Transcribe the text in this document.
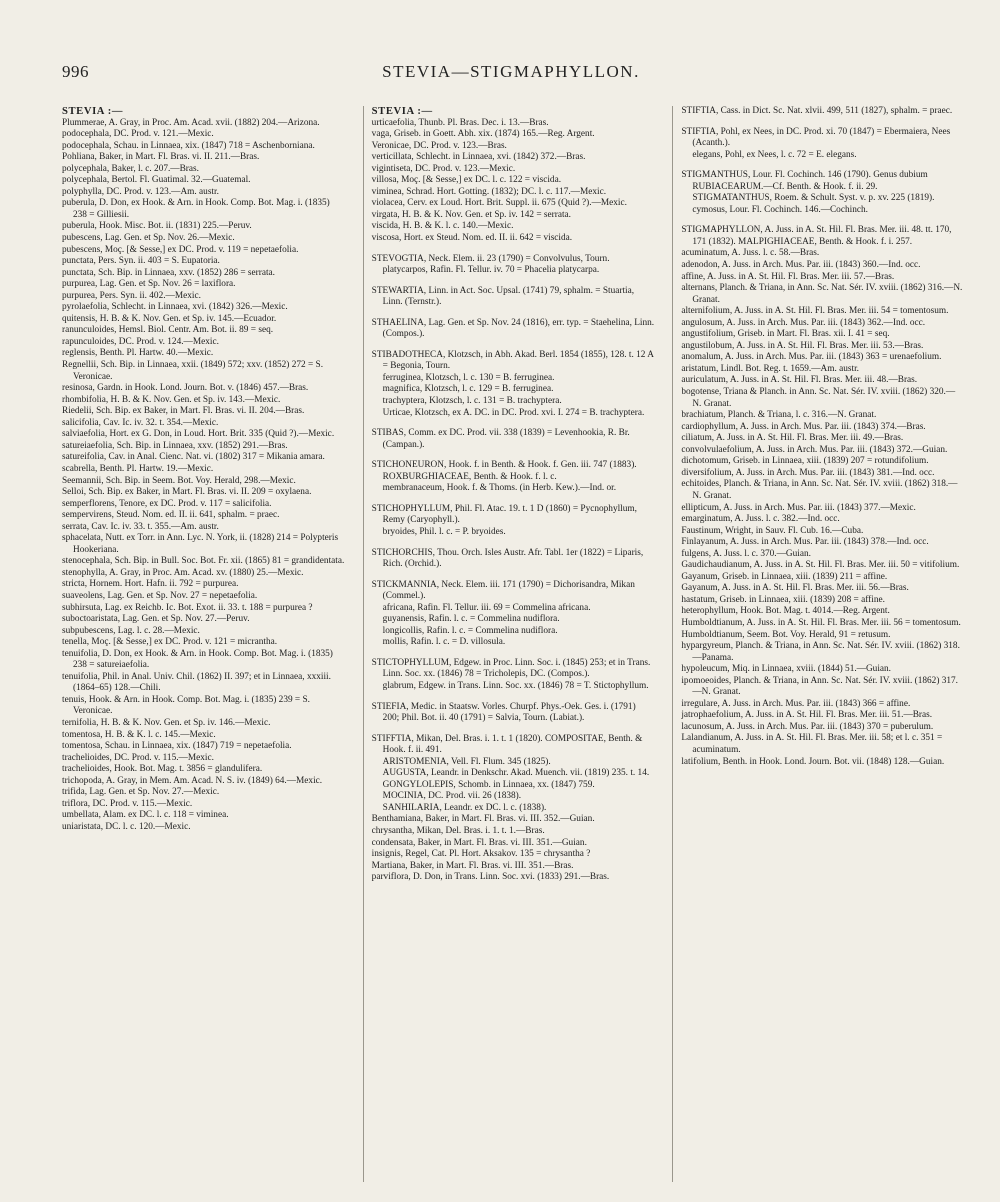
996	STEVIA—STIGMAPHYLLON.
STEVIA :—
Plummerae, A. Gray, in Proc. Am. Acad. xvii. (1882) 204.—Arizona.
podocephala, DC. Prod. v. 121.—Mexic.
podocephala, Schau. in Linnaea, xix. (1847) 718 = Aschenborniana.
Pohliana, Baker, in Mart. Fl. Bras. vi. II. 211.—Bras.
polycephala, Baker, l. c. 207.—Bras.
polycephala, Bertol. Fl. Guatimal. 32.—Guatemal.
polyphylla, DC. Prod. v. 123.—Am. austr.
puberula, D. Don, ex Hook. & Arn. in Hook. Comp. Bot. Mag. i. (1835) 238 = Gilliesii.
puberula, Hook. Misc. Bot. ii. (1831) 225.—Peruv.
pubescens, Lag. Gen. et Sp. Nov. 26.—Mexic.
pubescens, Moç. [& Sesse,] ex DC. Prod. v. 119 = nepetaefolia.
punctata, Pers. Syn. ii. 403 = S. Eupatoria.
punctata, Sch. Bip. in Linnaea, xxv. (1852) 286 = serrata.
purpurea, Lag. Gen. et Sp. Nov. 26 = laxiflora.
purpurea, Pers. Syn. ii. 402.—Mexic.
pyrolaefolia, Schlecht. in Linnaea, xvi. (1842) 326.—Mexic.
quitensis, H. B. & K. Nov. Gen. et Sp. iv. 145.—Ecuador.
ranunculoides, Hemsl. Biol. Centr. Am. Bot. ii. 89 = seq.
rapunculoides, DC. Prod. v. 124.—Mexic.
reglensis, Benth. Pl. Hartw. 40.—Mexic.
Regnellii, Sch. Bip. in Linnaea, xxii. (1849) 572; xxv. (1852) 272 = S. Veronicae.
resinosa, Gardn. in Hook. Lond. Journ. Bot. v. (1846) 457.—Bras.
rhombifolia, H. B. & K. Nov. Gen. et Sp. iv. 143.—Mexic.
Riedelii, Sch. Bip. ex Baker, in Mart. Fl. Bras. vi. II. 204.—Bras.
salicifolia, Cav. Ic. iv. 32. t. 354.—Mexic.
salviaefolia, Hort. ex G. Don, in Loud. Hort. Brit. 335 (Quid ?).—Mexic.
satureiaefolia, Sch. Bip. in Linnaea, xxv. (1852) 291.—Bras.
satureifolia, Cav. in Anal. Cienc. Nat. vi. (1802) 317 = Mikania amara.
scabrella, Benth. Pl. Hartw. 19.—Mexic.
Seemannii, Sch. Bip. in Seem. Bot. Voy. Herald, 298.—Mexic.
Selloi, Sch. Bip. ex Baker, in Mart. Fl. Bras. vi. II. 209 = oxylaena.
semperflorens, Tenore, ex DC. Prod. v. 117 = salicifolia.
sempervirens, Steud. Nom. ed. II. ii. 641, sphalm. = praec.
serrata, Cav. Ic. iv. 33. t. 355.—Am. austr.
sphacelata, Nutt. ex Torr. in Ann. Lyc. N. York, ii. (1828) 214 = Polypteris Hookeriana.
stenocephala, Sch. Bip. in Bull. Soc. Bot. Fr. xii. (1865) 81 = grandidentata.
stenophylla, A. Gray, in Proc. Am. Acad. xv. (1880) 25.—Mexic.
stricta, Hornem. Hort. Hafn. ii. 792 = purpurea.
suaveolens, Lag. Gen. et Sp. Nov. 27 = nepetaefolia.
subhirsuta, Lag. ex Reichb. Ic. Bot. Exot. ii. 33. t. 188 = purpurea ?
suboctoaristata, Lag. Gen. et Sp. Nov. 27.—Peruv.
subpubescens, Lag. l. c. 28.—Mexic.
tenella, Moç. [& Sesse,] ex DC. Prod. v. 121 = micrantha.
tenuifolia, D. Don, ex Hook. & Arn. in Hook. Comp. Bot. Mag. i. (1835) 238 = satureiaefolia.
tenuifolia, Phil. in Anal. Univ. Chil. (1862) II. 397; et in Linnaea, xxxiii. (1864–65) 128.—Chili.
tenuis, Hook. & Arn. in Hook. Comp. Bot. Mag. i. (1835) 239 = S. Veronicae.
ternifolia, H. B. & K. Nov. Gen. et Sp. iv. 146.—Mexic.
tomentosa, H. B. & K. l. c. 145.—Mexic.
tomentosa, Schau. in Linnaea, xix. (1847) 719 = nepetaefolia.
trachelioides, DC. Prod. v. 115.—Mexic.
trachelioides, Hook. Bot. Mag. t. 3856 = glandulifera.
trichopoda, A. Gray, in Mem. Am. Acad. N. S. iv. (1849) 64.—Mexic.
trifida, Lag. Gen. et Sp. Nov. 27.—Mexic.
triflora, DC. Prod. v. 115.—Mexic.
umbellata, Alam. ex DC. l. c. 118 = viminea.
uniaristata, DC. l. c. 120.—Mexic.
STEVIA :—
urticaefolia, Thunb. Pl. Bras. Dec. i. 13.—Bras.
vaga, Griseb. in Goett. Abh. xix. (1874) 165.—Reg. Argent.
Veronicae, DC. Prod. v. 123.—Bras.
verticillata, Schlecht. in Linnaea, xvi. (1842) 372.—Bras.
vigintiseta, DC. Prod. v. 123.—Mexic.
villosa, Moç. [& Sesse,] ex DC. l. c. 122 = viscida.
viminea, Schrad. Hort. Gotting. (1832); DC. l. c. 117.—Mexic.
violacea, Cerv. ex Loud. Hort. Brit. Suppl. ii. 675 (Quid ?).—Mexic.
virgata, H. B. & K. Nov. Gen. et Sp. iv. 142 = serrata.
viscida, H. B. & K. l. c. 140.—Mexic.
viscosa, Hort. ex Steud. Nom. ed. II. ii. 642 = viscida.
STEVOGTIA, Neck. Elem. ii. 23 (1790) = Convolvulus, Tourn.
platycarpos, Rafin. Fl. Tellur. iv. 70 = Phacelia platycarpa.
STEWARTIA, Linn. in Act. Soc. Upsal. (1741) 79, sphalm. = Stuartia, Linn. (Ternstr.).
STHAELINA, Lag. Gen. et Sp. Nov. 24 (1816), err. typ. = Staehelina, Linn. (Compos.).
STIBADOTHECA, Klotzsch, in Abh. Akad. Berl. 1854 (1855), 128. t. 12 A = Begonia, Tourn.
ferruginea, Klotzsch, l. c. 130 = B. ferruginea.
magnifica, Klotzsch, l. c. 129 = B. ferruginea.
trachyptera, Klotzsch, l. c. 131 = B. trachyptera.
Urticae, Klotzsch, ex A. DC. in DC. Prod. xvi. I. 274 = B. trachyptera.
STIBAS, Comm. ex DC. Prod. vii. 338 (1839) = Levenhookia, R. Br. (Campan.).
STICHONEURON, Hook. f. in Benth. & Hook. f. Gen. iii. 747 (1883). ROXBURGHIACEAE, Benth. & Hook. f. l. c.
membranaceum, Hook. f. & Thoms. (in Herb. Kew.).—Ind. or.
STICHOPHYLLUM, Phil. Fl. Atac. 19. t. 1 D (1860) = Pycnophyllum, Remy (Caryophyll.).
bryoides, Phil. l. c. = P. bryoides.
STICHORCHIS, Thou. Orch. Isles Austr. Afr. Tabl. 1er (1822) = Liparis, Rich. (Orchid.).
STICKMANNIA, Neck. Elem. iii. 171 (1790) = Dichorisandra, Mikan (Commel.).
africana, Rafin. Fl. Tellur. iii. 69 = Commelina africana.
guyanensis, Rafin. l. c. = Commelina nudiflora.
longicollis, Rafin. l. c. = Commelina nudiflora.
mollis, Rafin. l. c. = D. villosula.
STICTOPHYLLUM, Edgew. in Proc. Linn. Soc. i. (1845) 253; et in Trans. Linn. Soc. xx. (1846) 78 = Tricholepis, DC. (Compos.).
glabrum, Edgew. in Trans. Linn. Soc. xx. (1846) 78 = T. Stictophyllum.
STIEFIA, Medic. in Staatsw. Vorles. Churpf. Phys.-Oek. Ges. i. (1791) 200; Phil. Bot. ii. 40 (1791) = Salvia, Tourn. (Labiat.).
STIFFTIA, Mikan, Del. Bras. i. 1. t. 1 (1820). COMPOSITAE, Benth. & Hook. f. ii. 491.
ARISTOMENIA, Vell. Fl. Flum. 345 (1825).
AUGUSTA, Leandr. in Denkschr. Akad. Muench. vii. (1819) 235. t. 14.
GONGYLOLEPIS, Schomb. in Linnaea, xx. (1847) 759.
MOCINIA, DC. Prod. vii. 26 (1838).
SANHILARIA, Leandr. ex DC. l. c. (1838).
Benthamiana, Baker, in Mart. Fl. Bras. vi. III. 352.—Guian.
chrysantha, Mikan, Del. Bras. i. 1. t. 1.—Bras.
condensata, Baker, in Mart. Fl. Bras. vi. III. 351.—Guian.
insignis, Regel, Cat. Pl. Hort. Aksakov. 135 = chrysantha ?
Martiana, Baker, in Mart. Fl. Bras. vi. III. 351.—Bras.
parviflora, D. Don, in Trans. Linn. Soc. xvi. (1833) 291.—Bras.
STIFTIA, Cass. in Dict. Sc. Nat. xlvii. 499, 511 (1827), sphalm. = praec.
STIFTIA, Pohl, ex Nees, in DC. Prod. xi. 70 (1847) = Ebermaiera, Nees (Acanth.).
elegans, Pohl, ex Nees, l. c. 72 = E. elegans.
STIGMANTHUS, Lour. Fl. Cochinch. 146 (1790). Genus dubium RUBIACEARUM.—Cf. Benth. & Hook. f. ii. 29.
STIGMATANTHUS, Roem. & Schult. Syst. v. p. xv. 225 (1819).
cymosus, Lour. Fl. Cochinch. 146.—Cochinch.
STIGMAPHYLLON, A. Juss. in A. St. Hil. Fl. Bras. Mer. iii. 48. tt. 170, 171 (1832). MALPIGHIACEAE, Benth. & Hook. f. i. 257.
acuminatum, A. Juss. l. c. 58.—Bras.
adenodon, A. Juss. in Arch. Mus. Par. iii. (1843) 360.—Ind. occ.
affine, A. Juss. in A. St. Hil. Fl. Bras. Mer. iii. 57.—Bras.
alternans, Planch. & Triana, in Ann. Sc. Nat. Sér. IV. xviii. (1862) 316.—N. Granat.
alternifolium, A. Juss. in A. St. Hil. Fl. Bras. Mer. iii. 54 = tomentosum.
angulosum, A. Juss. in Arch. Mus. Par. iii. (1843) 362.—Ind. occ.
angustifolium, Griseb. in Mart. Fl. Bras. xii. I. 41 = seq.
angustilobum, A. Juss. in A. St. Hil. Fl. Bras. Mer. iii. 53.—Bras.
anomalum, A. Juss. in Arch. Mus. Par. iii. (1843) 363 = urenaefolium.
aristatum, Lindl. Bot. Reg. t. 1659.—Am. austr.
auriculatum, A. Juss. in A. St. Hil. Fl. Bras. Mer. iii. 48.—Bras.
bogotense, Triana & Planch. in Ann. Sc. Nat. Sér. IV. xviii. (1862) 320.—N. Granat.
brachiatum, Planch. & Triana, l. c. 316.—N. Granat.
cardiophyllum, A. Juss. in Arch. Mus. Par. iii. (1843) 374.—Bras.
ciliatum, A. Juss. in A. St. Hil. Fl. Bras. Mer. iii. 49.—Bras.
convolvulaefolium, A. Juss. in Arch. Mus. Par. iii. (1843) 372.—Guian.
dichotomum, Griseb. in Linnaea, xiii. (1839) 207 = rotundifolium.
diversifolium, A. Juss. in Arch. Mus. Par. iii. (1843) 381.—Ind. occ.
echitoides, Planch. & Triana, in Ann. Sc. Nat. Sér. IV. xviii. (1862) 318.—N. Granat.
ellipticum, A. Juss. in Arch. Mus. Par. iii. (1843) 377.—Mexic.
emarginatum, A. Juss. l. c. 382.—Ind. occ.
Faustinum, Wright, in Sauv. Fl. Cub. 16.—Cuba.
Finlayanum, A. Juss. in Arch. Mus. Par. iii. (1843) 378.—Ind. occ.
fulgens, A. Juss. l. c. 370.—Guian.
Gaudichaudianum, A. Juss. in A. St. Hil. Fl. Bras. Mer. iii. 50 = vitifolium.
Gayanum, Griseb. in Linnaea, xiii. (1839) 211 = affine.
Gayanum, A. Juss. in A. St. Hil. Fl. Bras. Mer. iii. 56.—Bras.
hastatum, Griseb. in Linnaea, xiii. (1839) 208 = affine.
heterophyllum, Hook. Bot. Mag. t. 4014.—Reg. Argent.
Humboldtianum, A. Juss. in A. St. Hil. Fl. Bras. Mer. iii. 56 = tomentosum.
Humboldtianum, Seem. Bot. Voy. Herald, 91 = retusum.
hypargyreum, Planch. & Triana, in Ann. Sc. Nat. Sér. IV. xviii. (1862) 318.—Panama.
hypoleucum, Miq. in Linnaea, xviii. (1844) 51.—Guian.
ipomoeoides, Planch. & Triana, in Ann. Sc. Nat. Sér. IV. xviii. (1862) 317.—N. Granat.
irregulare, A. Juss. in Arch. Mus. Par. iii. (1843) 366 = affine.
jatrophaefolium, A. Juss. in A. St. Hil. Fl. Bras. Mer. iii. 51.—Bras.
lacunosum, A. Juss. in Arch. Mus. Par. iii. (1843) 370 = puberulum.
Lalandianum, A. Juss. in A. St. Hil. Fl. Bras. Mer. iii. 58; et l. c. 351 = acuminatum.
latifolium, Benth. in Hook. Lond. Journ. Bot. vii. (1848) 128.—Guian.
